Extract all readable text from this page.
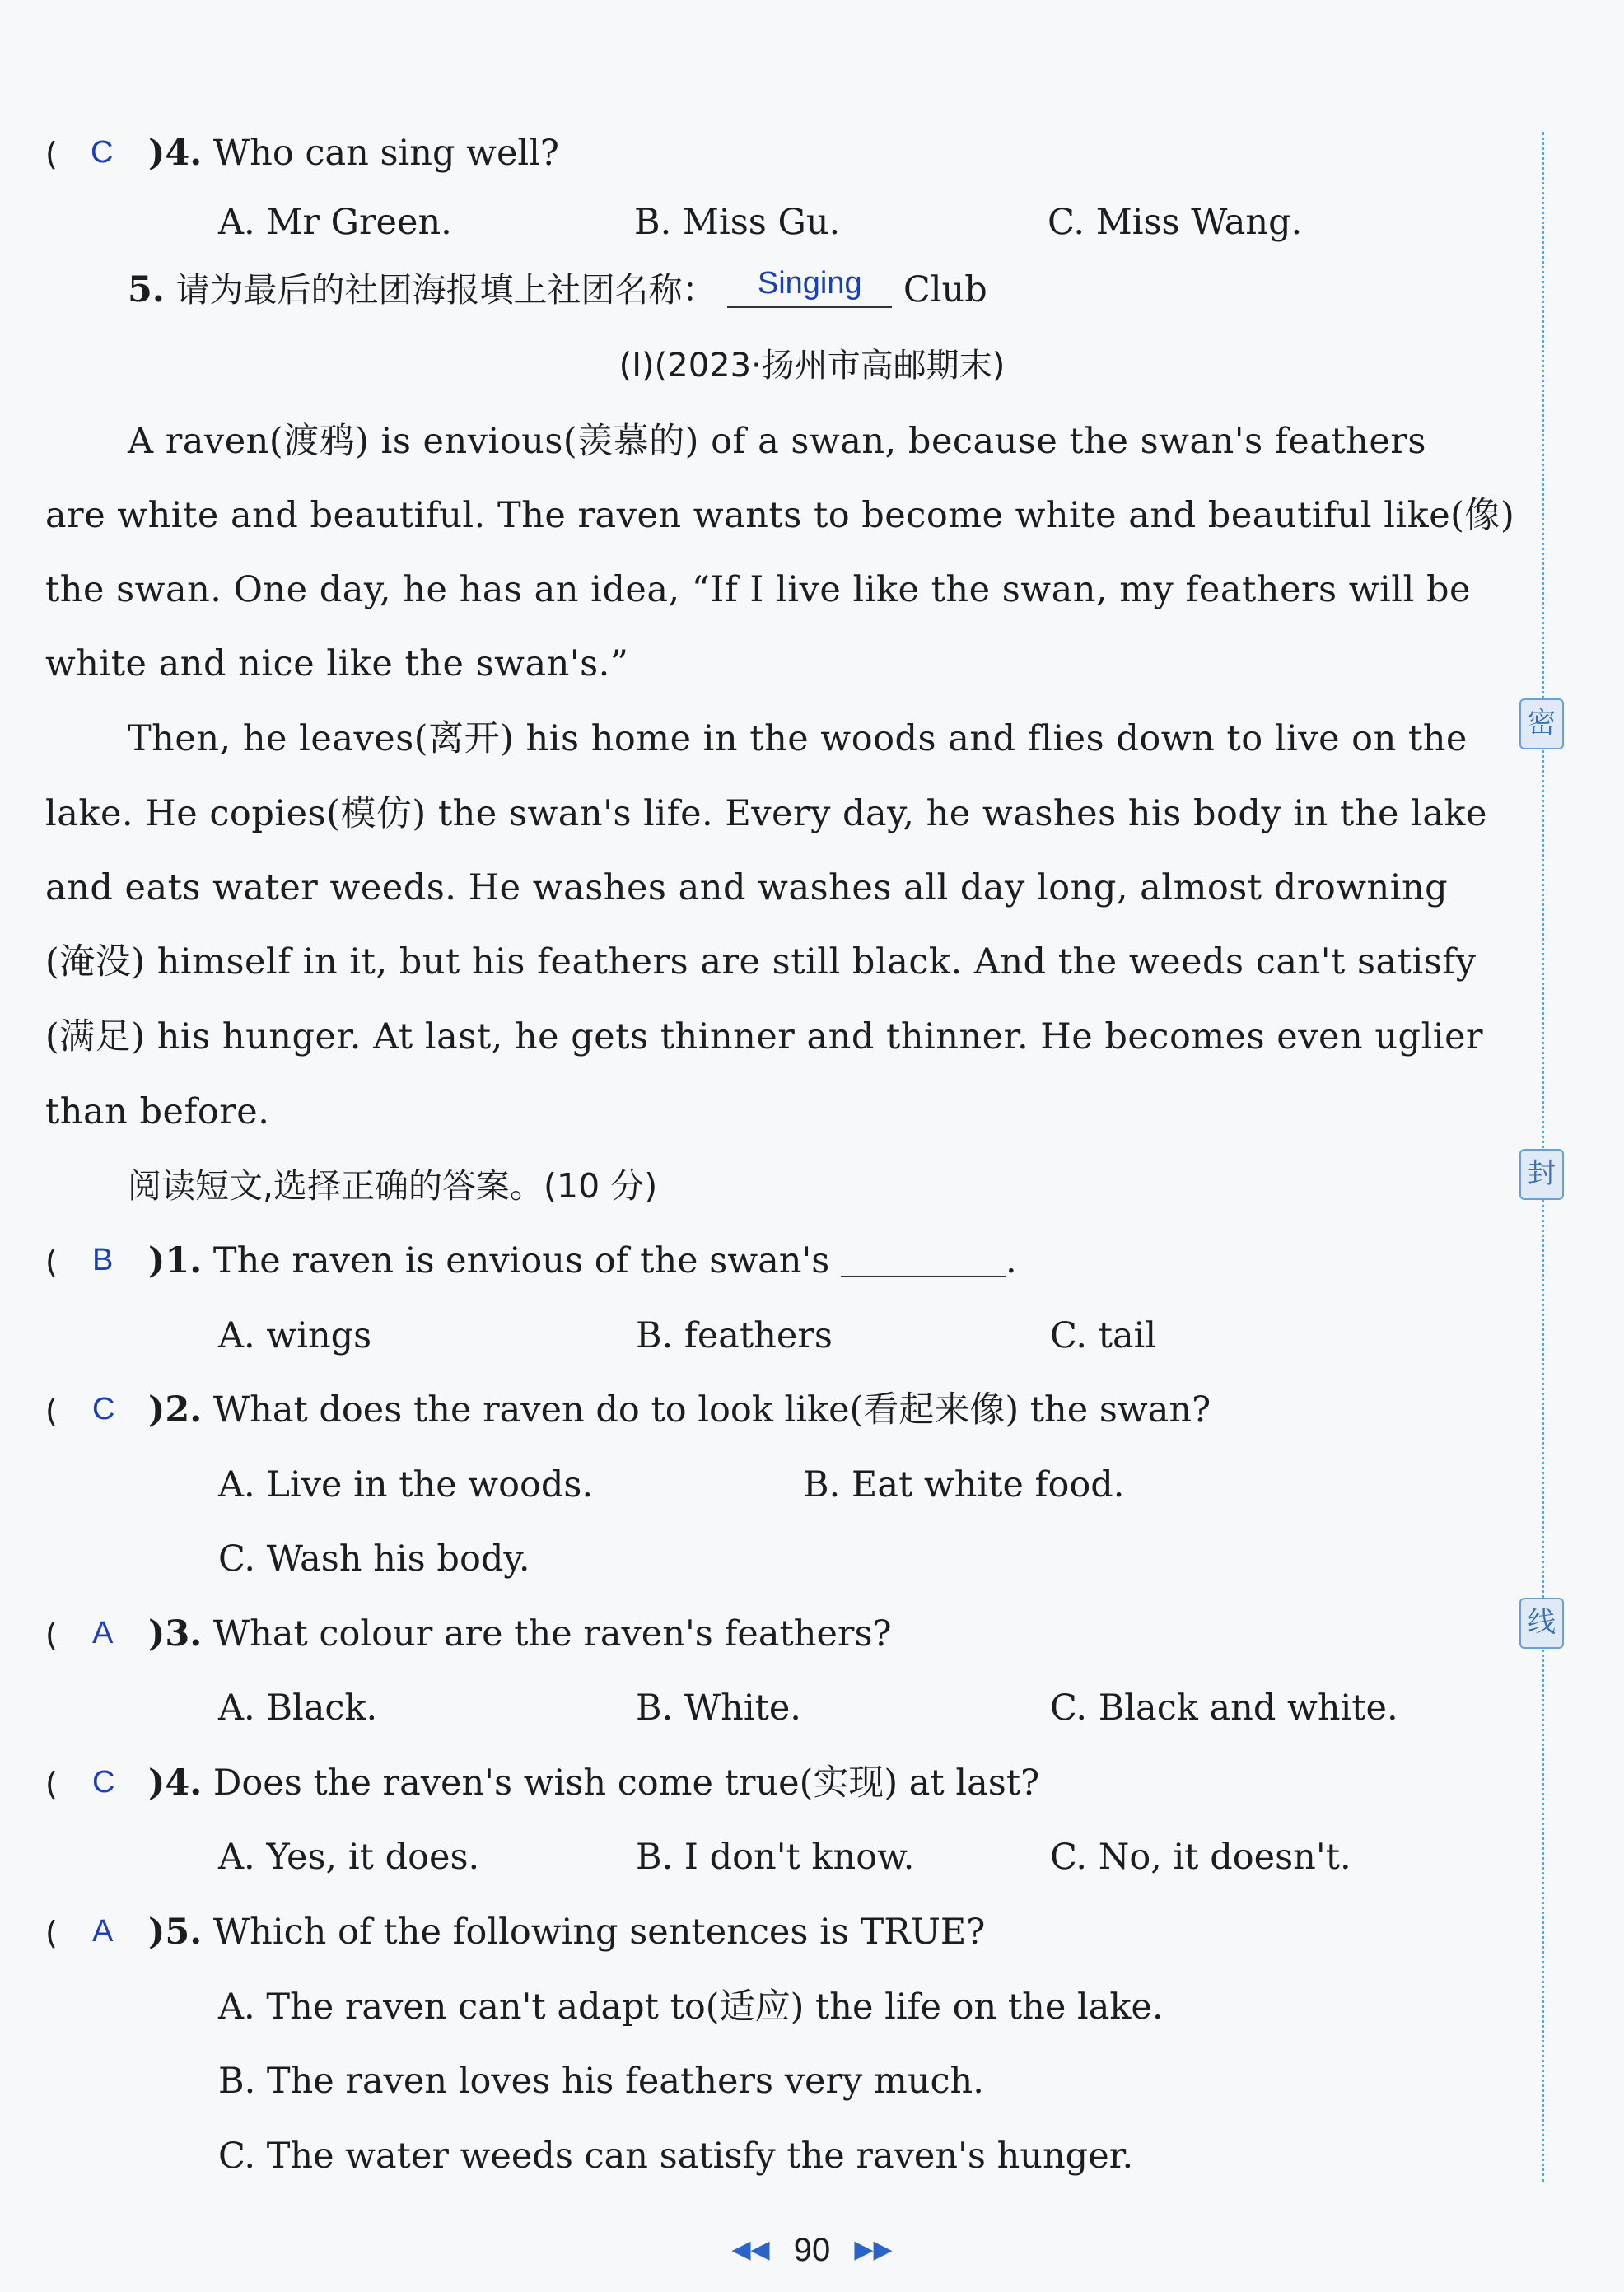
( C )4. Who can sing well?
A. Mr Green.	B. Miss Gu.	C. Miss Wang.
5. 请为最后的社团海报填上社团名称：	Singing	Club
(Ⅰ)(2023·扬州市高邮期末)
A raven(渡鸦) is envious(羡慕的) of a swan, because the swan's feathers
are white and beautiful. The raven wants to become white and beautiful like(像)
the swan. One day, he has an idea, “If I live like the swan, my feathers will be
white and nice like the swan's.”
Then, he leaves(离开) his home in the woods and flies down to live on the
lake. He copies(模仿) the swan's life. Every day, he washes his body in the lake
and eats water weeds. He washes and washes all day long, almost drowning
(淹没) himself in it, but his feathers are still black. And the weeds can't satisfy
(满足) his hunger. At last, he gets thinner and thinner. He becomes even uglier
than before.
阅读短文,选择正确的答案。(10 分)
( B )1. The raven is envious of the swan's	.
A. wings	B. feathers	C. tail
( C )2. What does the raven do to look like(看起来像) the swan?
A. Live in the woods.	B. Eat white food.
C. Wash his body.
( A )3. What colour are the raven's feathers?
A. Black.	B. White.	C. Black and white.
( C )4. Does the raven's wish come true(实现) at last?
A. Yes, it does.	B. I don't know.	C. No, it doesn't.
( A )5. Which of the following sentences is TRUE?
A. The raven can't adapt to(适应) the life on the lake.
B. The raven loves his feathers very much.
C. The water weeds can satisfy the raven's hunger.
密
封
线
◀◀ 90 ▶▶
